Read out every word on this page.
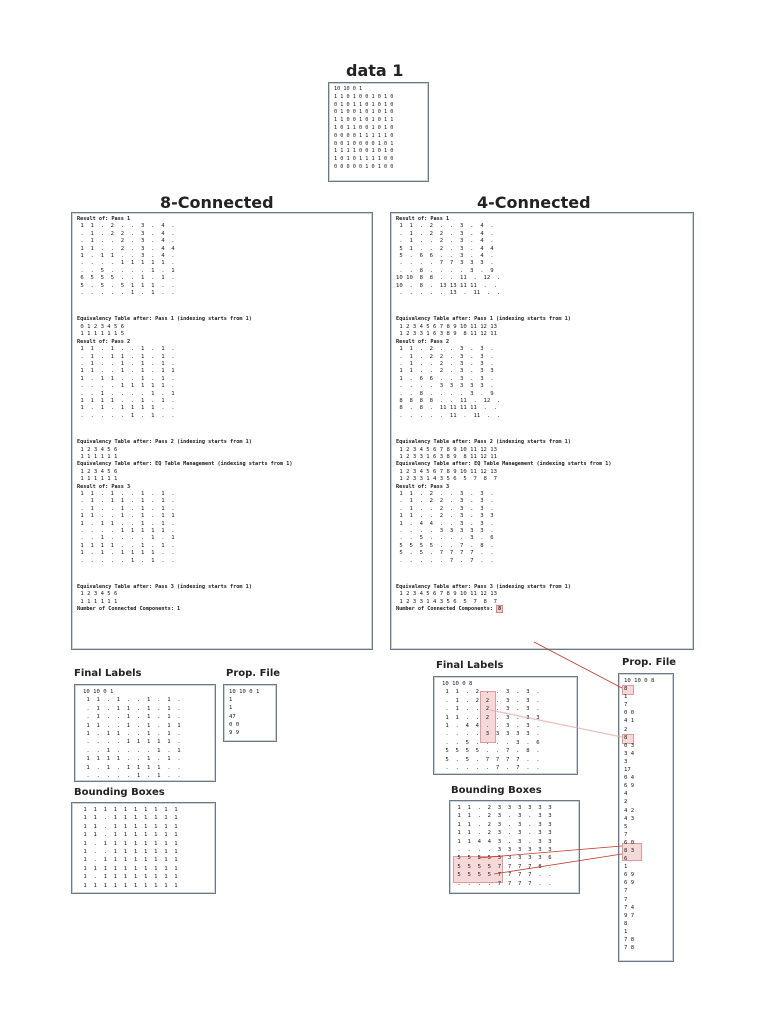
data 1
10 10 0 1
1 1 0 1 0 0 1 0 1 0
0 1 0 1 1 0 1 0 1 0
0 1 0 0 1 0 1 0 1 0
1 1 0 0 1 0 1 0 1 1
1 0 1 1 0 0 1 0 1 0
0 0 0 0 1 1 1 1 1 0
0 0 1 0 0 0 0 1 0 1
1 1 1 1 0 0 1 0 1 0
1 0 1 0 1 1 1 1 0 0
0 0 0 0 0 1 0 1 0 0
8-Connected
Result of: Pass 1
1  1  .  2  .  .  3  .  4  .
.  1  .  2  2  .  3  .  4  .
.  1  .  .  2  .  3  .  4  .
1  1  .  .  2  .  3  .  4  4
1  .  1  1  .  .  3  .  4  .
.  .  .  .  1  1  1  1  1  .
.  .  5  .  .  .  .  1  .  1
6  5  5  5  .  .  1  .  1  .
5  .  5  .  5  1  1  1  .  .
.  .  .  .  .  1  .  1  .  .
Equivalency Table after: Pass 1 (indexing starts from 1)
0 1 2 3 4 5 6
1 1 1 1 1 1 5
Result of: Pass 2
1  1  .  1  .  .  1  .  1  .
.  1  .  1  1  .  1  .  1  .
.  1  .  .  1  .  1  .  1  .
1  1  .  .  1  .  1  .  1  1
1  .  1  1  .  .  1  .  1  .
.  .  .  .  1  1  1  1  1  .
.  .  1  .  .  .  .  1  .  1
1  1  1  1  .  .  1  .  1  .
1  .  1  .  1  1  1  1  .  .
.  .  .  .  .  1  .  1  .  .
Equivalency Table after: Pass 2 (indexing starts from 1)
1 2 3 4 5 6
1 1 1 1 1 1
Equivalency Table after: EQ Table Management (indexing starts from 1)
1 2 3 4 5 6
1 1 1 1 1 1
Result of: Pass 3
1  1  .  1  .  .  1  .  1  .
.  1  .  1  1  .  1  .  1  .
.  1  .  .  1  .  1  .  1  .
1  1  .  .  1  .  1  .  1  1
1  .  1  1  .  .  1  .  1  .
.  .  .  .  1  1  1  1  1  .
.  .  1  .  .  .  .  1  .  1
1  1  1  1  .  .  1  .  1  .
1  .  1  .  1  1  1  1  .  .
.  .  .  .  .  1  .  1  .  .
Equivalency Table after: Pass 3 (indexing starts from 1)
1 2 3 4 5 6
1 1 1 1 1 1
Number of Connected Components: 1
4-Connected
Result of: Pass 1
1  1  .  2  .  .  3  .  4  .
.  1  .  2  2  .  3  .  4  .
.  1  .  .  2  .  3  .  4  .
5  1  .  .  2  .  3  .  4  4
5  .  6  6  .  .  3  .  4  .
.  .  .  .  7  7  3  3  3  .
.  .  8  .  .  .  .  3  .  9
10 10  8  8  .  .  11  .  12  .
10  .  8  .  13 13 11 11  .  .
.  .  .  .  .  13  .  11  .  .
Equivalency Table after: Pass 1 (indexing starts from 1)
1 2 3 4 5 6 7 8 9 10 11 12 13
1 2 3 3 1 6 3 8 9  8 11 12 11
Result of: Pass 2
1  1  .  2  .  .  3  .  3  .
.  1  .  2  2  .  3  .  3  .
.  1  .  .  2  .  3  .  3  .
1  1  .  .  2  .  3  .  3  3
1  .  6  6  .  .  3  .  3  .
.  .  .  .  3  3  3  3  3  .
.  .  8  .  .  .  .  3  .  9
8  8  8  8  .  .  11  .  12  .
8  .  8  .  11 11 11 11  .  .
.  .  .  .  .  11  .  11  .  .
Equivalency Table after: Pass 2 (indexing starts from 1)
1 2 3 4 5 6 7 8 9 10 11 12 13
1 2 3 3 1 6 3 8 9  8 11 12 11
Equivalency Table after: EQ Table Management (indexing starts from 1)
1 2 3 4 5 6 7 8 9 10 11 12 13
1 2 3 3 1 4 3 5 6  5  7  8  7
Result of: Pass 3
1  1  .  2  .  .  3  .  3  .
.  1  .  2  2  .  3  .  3  .
.  1  .  .  2  .  3  .  3  .
1  1  .  .  2  .  3  .  3  3
1  .  4  4  .  .  3  .  3  .
.  .  .  .  3  3  3  3  3  .
.  .  5  .  .  .  .  3  .  6
5  5  5  5  .  .  7  .  8  .
5  .  5  .  7  7  7  7  .  .
.  .  .  .  .  7  .  7  .  .
Equivalency Table after: Pass 3 (indexing starts from 1)
1 2 3 4 5 6 7 8 9 10 11 12 13
1 2 3 3 1 4 3 5 6  5  7  8  7
Number of Connected Components: 8
Final Labels
10 10 0 1
1  1  .  1  .  .  1  .  1  .
.  1  .  1  1  .  1  .  1  .
.  1  .  .  1  .  1  .  1  .
1  1  .  .  1  .  1  .  1  1
1  .  1  1  .  .  1  .  1  .
.  .  .  .  1  1  1  1  1  .
.  .  1  .  .  .  .  1  .  1
1  1  1  1  .  .  1  .  1  .
1  .  1  .  1  1  1  1  .  .
.  .  .  .  .  1  .  1  .  .
Prop. File
10 10 0 1
1
1
47
0 0
9 9
Bounding Boxes
1  1  1  1  1  1  1  1  1  1
1  1  .  1  1  1  1  1  1  1
1  1  .  1  1  1  1  1  1  1
1  1  .  1  1  1  1  1  1  1
1  .  1  1  1  1  1  1  1  1
1  .  .  1  1  1  1  1  1  1
1  .  1  1  1  1  1  1  1  1
1  1  1  1  1  1  1  1  1  1
1  .  1  1  1  1  1  1  1  1
1  1  1  1  1  1  1  1  1  1
Final Labels
10 10 0 8
1  1  .  2  .  .  3  .  3  .
.  1  .  2  2  .  3  .  3  .
.  1  .  .  2  .  3  .  3  .
1  1  .  .  2  .  3  .    3
1  .  4  4  .  .  3  .  3  .
.  .  .  .  3  3  3  3  3  .
.  .  5  .  .  .  .  3  .  6
5  5  5  5  .  .  7  .  8  .
5  .  5  .  7  7  7  7  .  .
.  .  .  .  .  7  .  7  .  .
Prop. File
10 10 0 8
8
1
7
0 0
4 1
2
8
0 3
3 4
3
17
0 4
6 9
4
2
4 2
4 3
5
7
6 0
8 3
6
1
6 9
6 9
7
7
7 4
9 7
8
1
7 8
7 8
Bounding Boxes
1  1  .  2  3  3  3  3  3  3
1  1  .  2  3  .  3  .  3  3
1  1  .  2  3  .  3  .  3  3
1  1  .  2  3  .  3  .  3  3
1  1  4  4  3  .  3  .  3  3
.  .  .  .  3  3  3  3  3  3
5  5  5  5  3  3  3  3  3  6
5  5  5  5  7  7  7  7    .
5  5  5  5  7  7  7  7  .  .
.  .  .  .  7  7  7  7  .  .
